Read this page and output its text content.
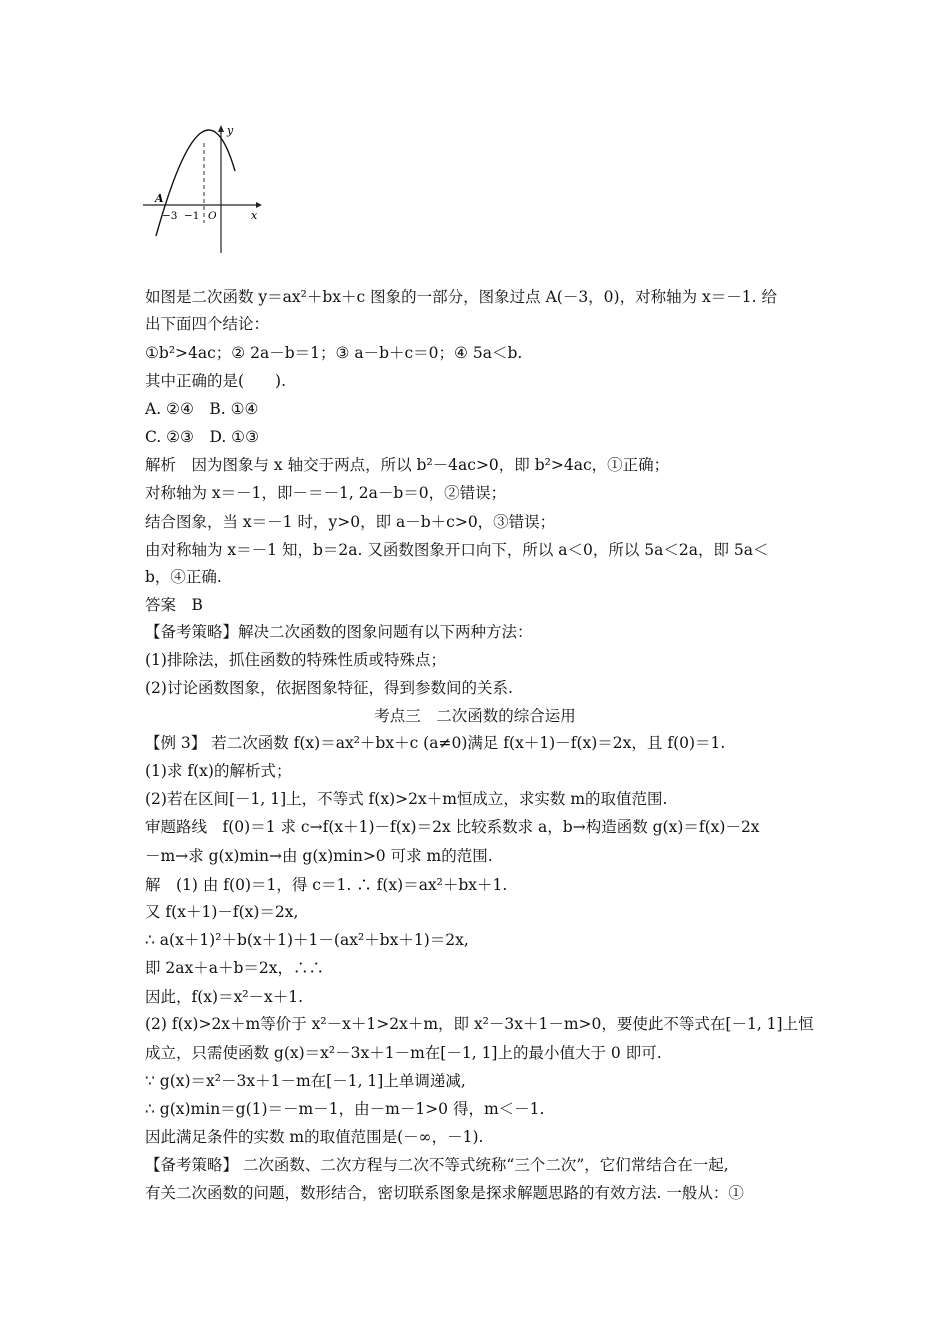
y
x
A
−3 −1 O
如图是二次函数 y＝ax²＋bx＋c 图象的一部分，图象过点 A(－3，0)，对称轴为 x＝－1. 给
出下面四个结论：
①b²>4ac；② 2a－b＝1；③ a－b＋c＝0；④ 5a＜b.
其中正确的是(　　).
A. ②④　B. ①④
C. ②③　D. ①③
解析　因为图象与 x 轴交于两点，所以 b²－4ac>0，即 b²>4ac，①正确；
对称轴为 x＝－1，即－＝－1, 2a－b＝0，②错误；
结合图象，当 x＝－1 时，y>0，即 a－b＋c>0，③错误；
由对称轴为 x＝－1 知，b＝2a. 又函数图象开口向下，所以 a＜0，所以 5a＜2a，即 5a＜
b，④正确.
答案　B
【备考策略】解决二次函数的图象问题有以下两种方法：
(1)排除法，抓住函数的特殊性质或特殊点；
(2)讨论函数图象，依据图象特征，得到参数间的关系.
考点三　二次函数的综合运用
【例 3】 若二次函数 f(x)＝ax²＋bx＋c (a≠0)满足 f(x＋1)－f(x)＝2x，且 f(0)＝1.
(1)求 f(x)的解析式；
(2)若在区间[－1, 1]上，不等式 f(x)>2x＋m恒成立，求实数 m的取值范围.
审题路线　f(0)＝1 求 c→f(x＋1)－f(x)＝2x 比较系数求 a，b→构造函数 g(x)＝f(x)－2x
－m→求 g(x)min→由 g(x)min>0 可求 m的范围.
解　(1) 由 f(0)＝1，得 c＝1. ∴ f(x)＝ax²＋bx＋1.
又 f(x＋1)－f(x)＝2x,
∴ a(x＋1)²＋b(x＋1)＋1－(ax²＋bx＋1)＝2x,
即 2ax＋a＋b＝2x，∴∴
因此，f(x)＝x²－x＋1.
(2) f(x)>2x＋m等价于 x²－x＋1>2x＋m，即 x²－3x＋1－m>0，要使此不等式在[－1, 1]上恒
成立，只需使函数 g(x)＝x²－3x＋1－m在[－1, 1]上的最小值大于 0 即可.
∵ g(x)＝x²－3x＋1－m在[－1, 1]上单调递减,
∴ g(x)min＝g(1)＝－m－1，由－m－1>0 得，m＜－1.
因此满足条件的实数 m的取值范围是(－∞，－1).
【备考策略】 二次函数、二次方程与二次不等式统称“三个二次”，它们常结合在一起,
有关二次函数的问题，数形结合，密切联系图象是探求解题思路的有效方法. 一般从：①
